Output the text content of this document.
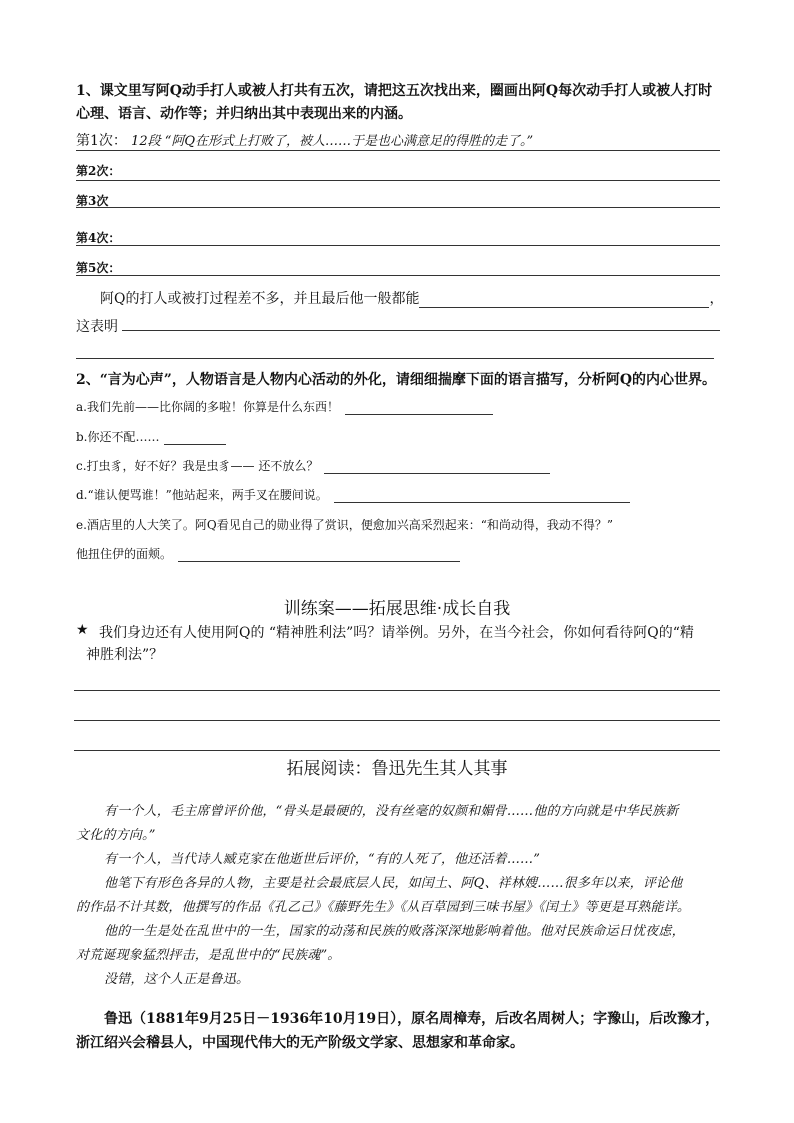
1、课文里写阿Q动手打人或被人打共有五次，请把这五次找出来，圈画出阿Q每次动手打人或被人打时
心理、语言、动作等；并归纳出其中表现出来的内涵。
第1次： 12段 “阿Q在形式上打败了，被人……于是也心满意足的得胜的走了。”
第2次：
第3次
第4次：
第5次：
阿Q的打人或被打过程差不多，并且最后他一般都能	，
这表明
2、“言为心声”，人物语言是人物内心活动的外化，请细细揣摩下面的语言描写，分析阿Q的内心世界。
a.我们先前——比你阔的多啦！你算是什么东西！
b.你还不配……
c.打虫豸，好不好？我是虫豸—— 还不放么？
d.“谁认便骂谁！”他站起来，两手叉在腰间说。
e.酒店里的人大笑了。阿Q看见自己的勋业得了赏识，便愈加兴高采烈起来：“和尚动得，我动不得？”
他扭住伊的面颊。
训练案——拓展思维·成长自我
★ 我们身边还有人使用阿Q的 “精神胜利法”吗？请举例。另外，在当今社会，你如何看待阿Q的“精
神胜利法”？
拓展阅读：鲁迅先生其人其事
有一个人，毛主席曾评价他，“骨头是最硬的，没有丝毫的奴颜和媚骨……他的方向就是中华民族新
文化的方向。”
有一个人，当代诗人臧克家在他逝世后评价，“有的人死了，他还活着……”
他笔下有形色各异的人物，主要是社会最底层人民，如闰土、阿Q、祥林嫂……很多年以来，评论他
的作品不计其数，他撰写的作品《孔乙己》《藤野先生》《从百草园到三味书屋》《闰土》等更是耳熟能详。
他的一生是处在乱世中的一生，国家的动荡和民族的败落深深地影响着他。他对民族命运日忧夜虑，
对荒诞现象猛烈抨击，是乱世中的“民族魂”。
没错，这个人正是鲁迅。
鲁迅（1881年9月25日－1936年10月19日），原名周樟寿，后改名周树人；字豫山，后改豫才，
浙江绍兴会稽县人，中国现代伟大的无产阶级文学家、思想家和革命家。
